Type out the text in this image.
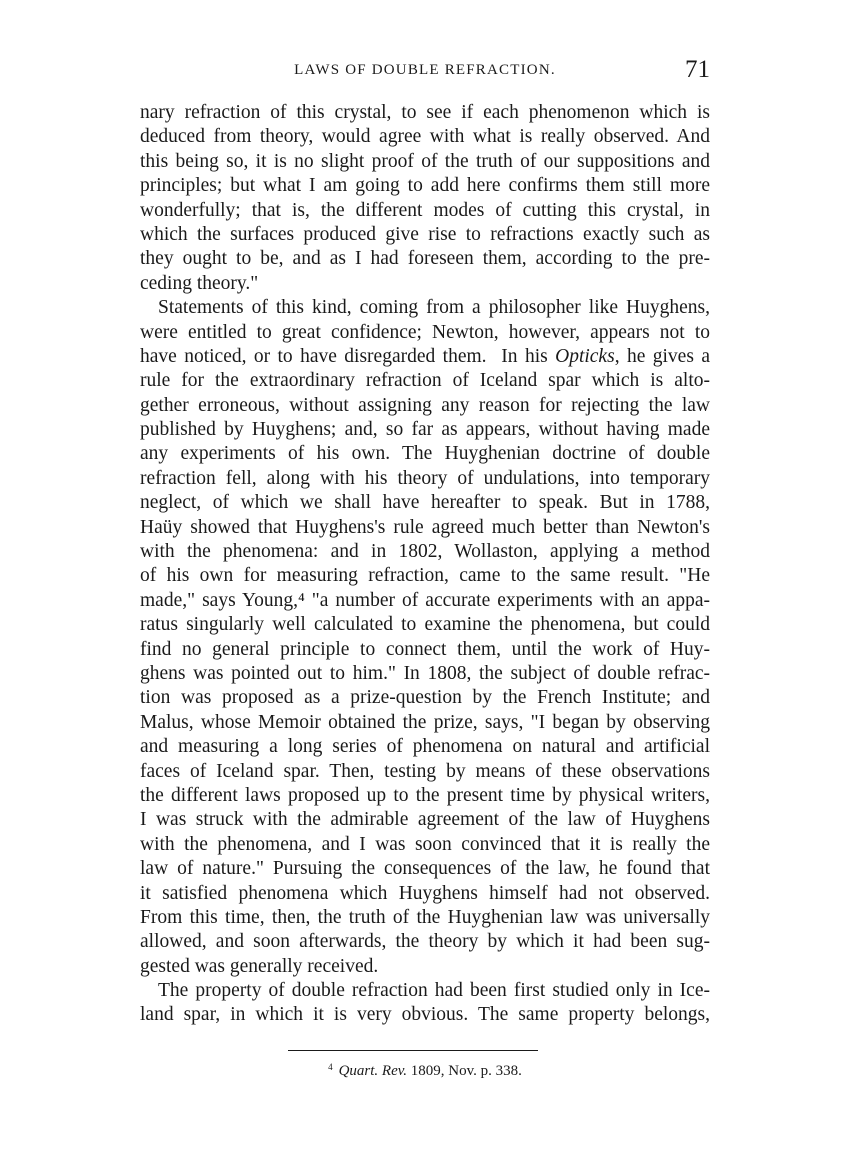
LAWS OF DOUBLE REFRACTION.	71
nary refraction of this crystal, to see if each phenomenon which is
deduced from theory, would agree with what is really observed. And
this being so, it is no slight proof of the truth of our suppositions and
principles; but what I am going to add here confirms them still more
wonderfully; that is, the different modes of cutting this crystal, in
which the surfaces produced give rise to refractions exactly such as
they ought to be, and as I had foreseen them, according to the pre-
ceding theory."
Statements of this kind, coming from a philosopher like Huyghens,
were entitled to great confidence; Newton, however, appears not to
have noticed, or to have disregarded them.  In his Opticks, he gives a
rule for the extraordinary refraction of Iceland spar which is alto-
gether erroneous, without assigning any reason for rejecting the law
published by Huyghens; and, so far as appears, without having made
any experiments of his own. The Huyghenian doctrine of double
refraction fell, along with his theory of undulations, into temporary
neglect, of which we shall have hereafter to speak. But in 1788,
Haüy showed that Huyghens's rule agreed much better than Newton's
with the phenomena: and in 1802, Wollaston, applying a method
of his own for measuring refraction, came to the same result. "He
made," says Young,⁴ "a number of accurate experiments with an appa-
ratus singularly well calculated to examine the phenomena, but could
find no general principle to connect them, until the work of Huy-
ghens was pointed out to him." In 1808, the subject of double refrac-
tion was proposed as a prize-question by the French Institute; and
Malus, whose Memoir obtained the prize, says, "I began by observing
and measuring a long series of phenomena on natural and artificial
faces of Iceland spar. Then, testing by means of these observations
the different laws proposed up to the present time by physical writers,
I was struck with the admirable agreement of the law of Huyghens
with the phenomena, and I was soon convinced that it is really the
law of nature." Pursuing the consequences of the law, he found that
it satisfied phenomena which Huyghens himself had not observed.
From this time, then, the truth of the Huyghenian law was universally
allowed, and soon afterwards, the theory by which it had been sug-
gested was generally received.
The property of double refraction had been first studied only in Ice-
land spar, in which it is very obvious. The same property belongs,
$^4$ Quart. Rev. 1809, Nov. p. 338.
